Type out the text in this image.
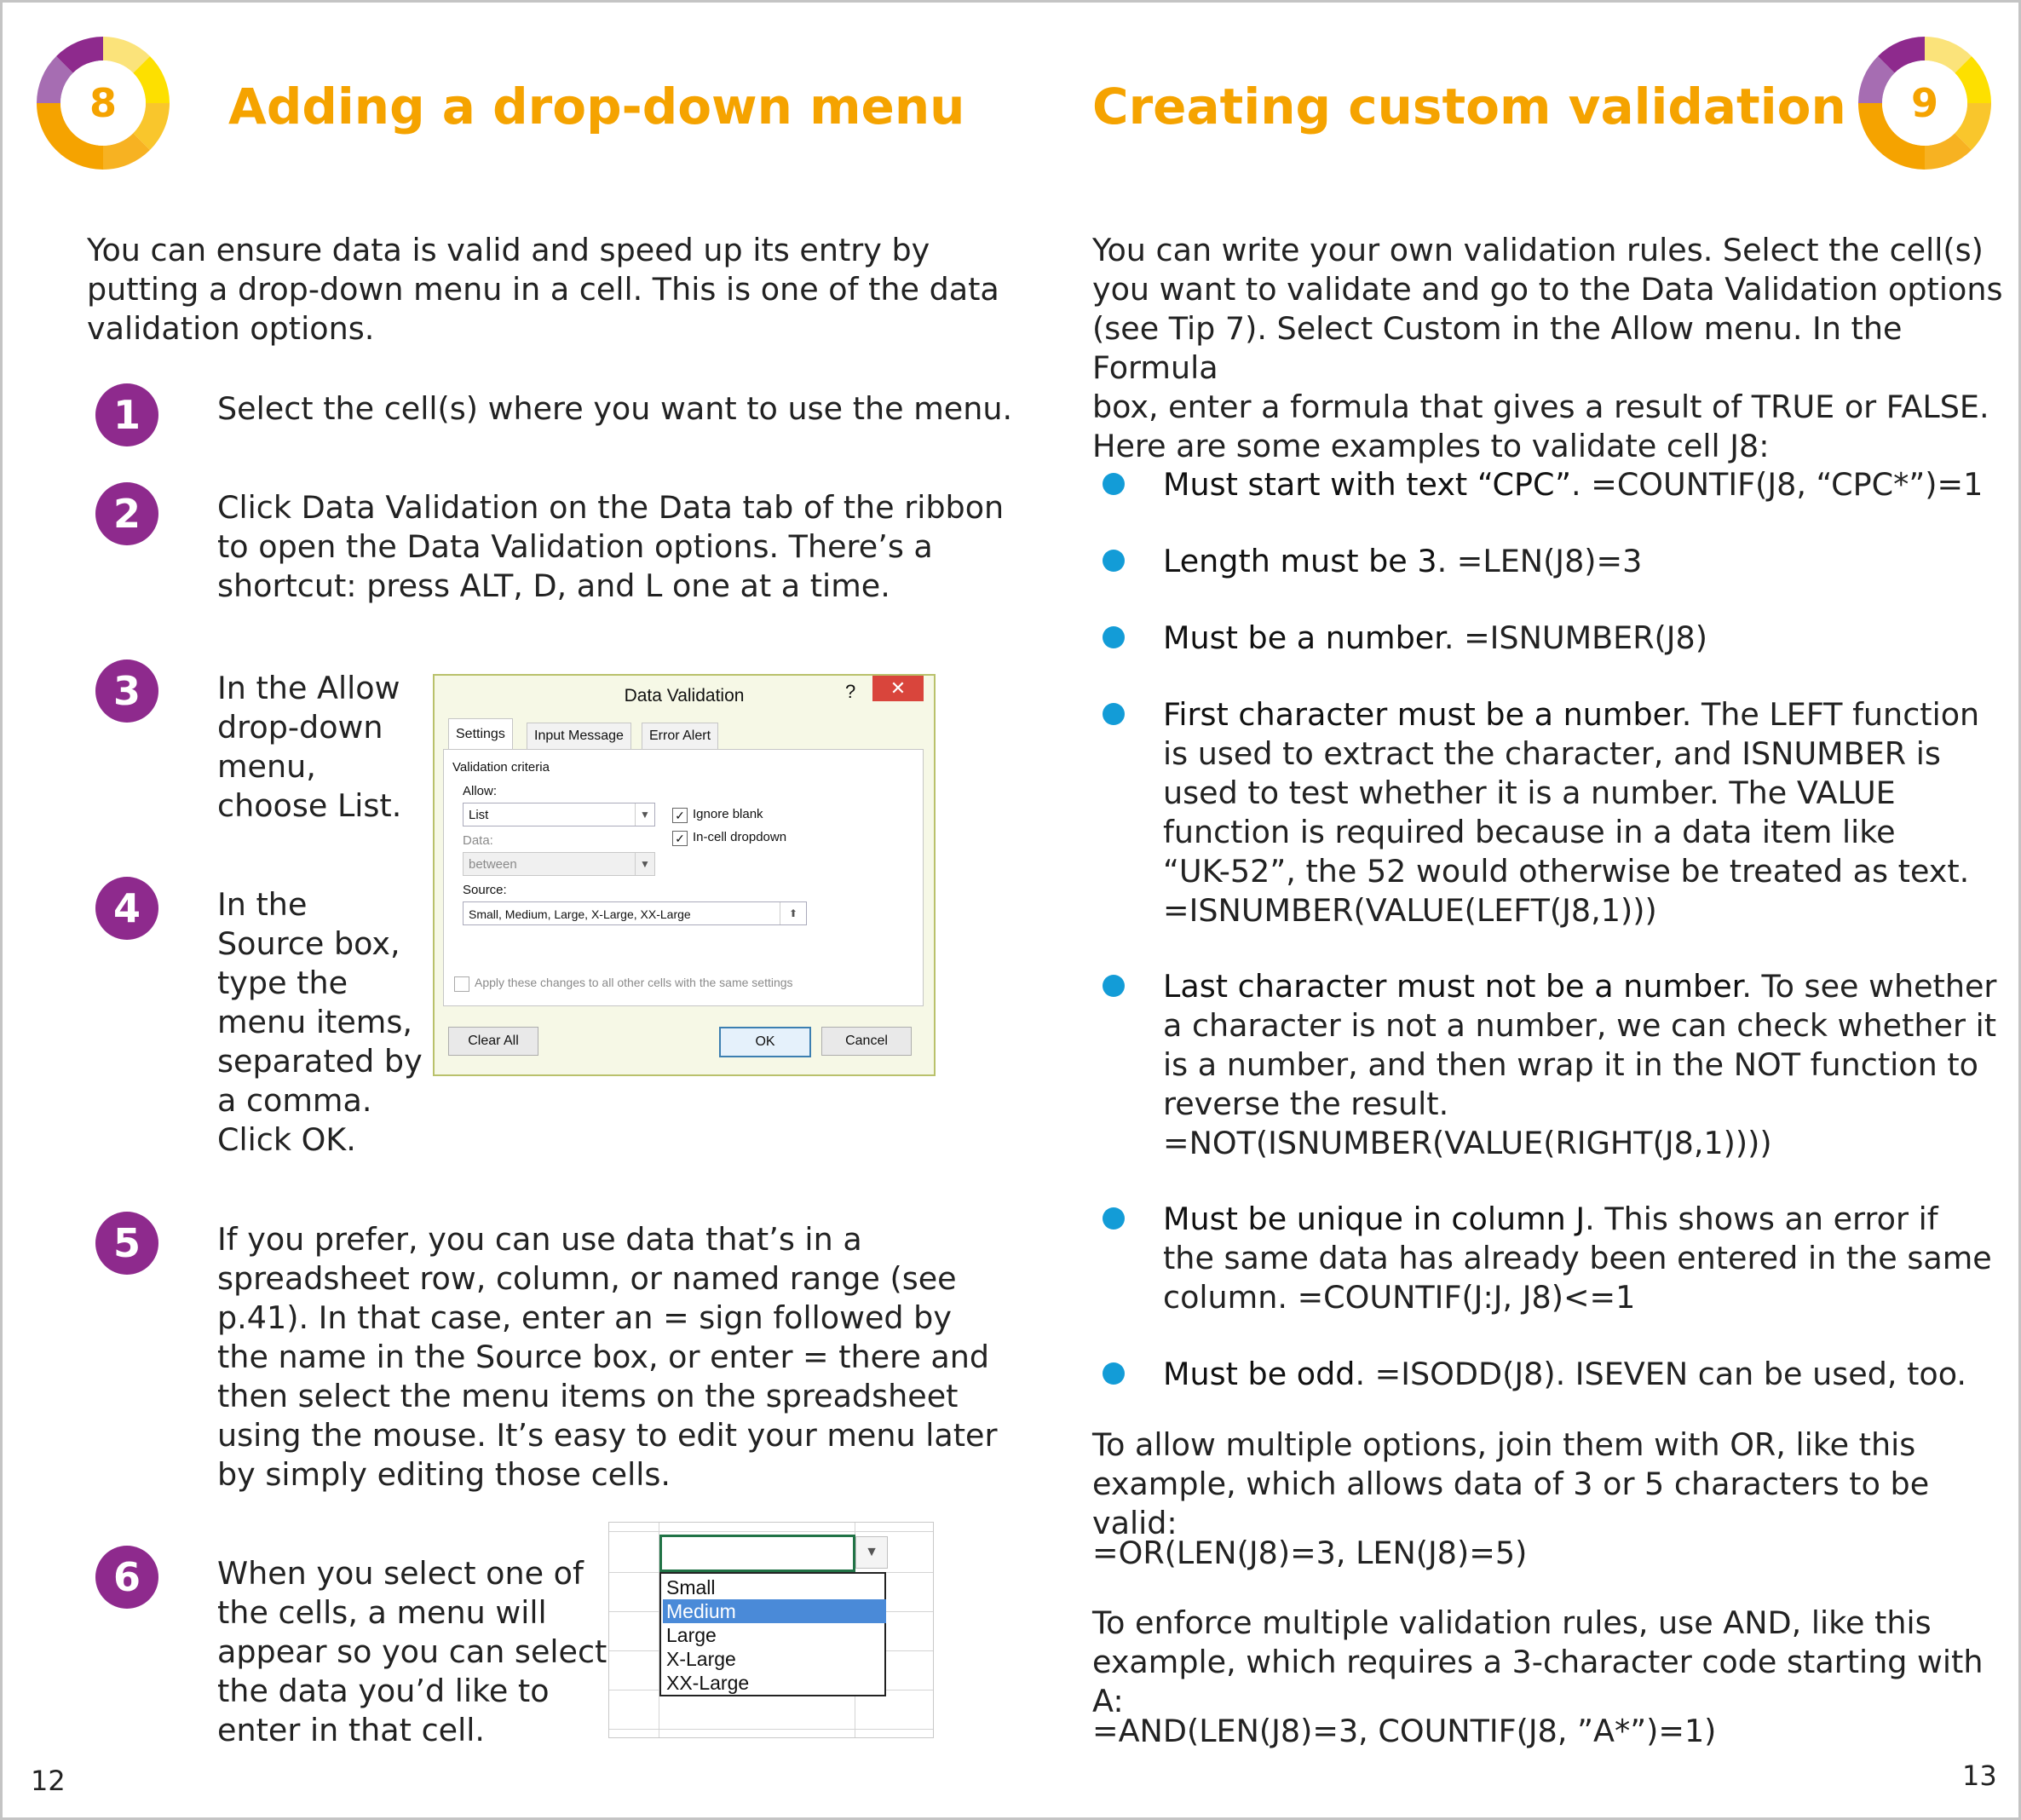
8 Adding a drop-down menu
You can ensure data is valid and speed up its entry by
putting a drop-down menu in a cell. This is one of the data
validation options.
1	Select the cell(s) where you want to use the menu.
2	Click Data Validation on the Data tab of the ribbon
to open the Data Validation options. There’s a
shortcut: press ALT, D, and L one at a time.
3	In the Allow
drop-down
menu,
choose List.
4	In the
Source box,
type the
menu items,
separated by
a comma.
Click OK.
5	If you prefer, you can use data that’s in a
spreadsheet row, column, or named range (see
p.41). In that case, enter an = sign followed by
the name in the Source box, or enter = there and
then select the menu items on the spreadsheet
using the mouse. It’s easy to edit your menu later
by simply editing those cells.
6	When you select one of
the cells, a menu will
appear so you can select
the data you’d like to
enter in that cell.
Data Validation	?	✕
Settings	Input Message	Error Alert
Validation criteria
Allow:
List	▼	✓ Ignore blank
✓ In-cell dropdown
Data:
between	▼
Source:
Small, Medium, Large, X-Large, XX-Large	⬆
Apply these changes to all other cells with the same settings
Clear All	OK	Cancel
▼
Small
Medium
Large
X-Large
XX-Large
12
Creating custom validation 9
You can write your own validation rules. Select the cell(s)
you want to validate and go to the Data Validation options
(see Tip 7). Select Custom in the Allow menu. In the Formula
box, enter a formula that gives a result of TRUE or FALSE.
Here are some examples to validate cell J8:
Must start with text “CPC”. =COUNTIF(J8, “CPC*”)=1
Length must be 3. =LEN(J8)=3
Must be a number. =ISNUMBER(J8)
First character must be a number. The LEFT function
is used to extract the character, and ISNUMBER is
used to test whether it is a number. The VALUE
function is required because in a data item like
“UK-52”, the 52 would otherwise be treated as text.
=ISNUMBER(VALUE(LEFT(J8,1)))
Last character must not be a number. To see whether
a character is not a number, we can check whether it
is a number, and then wrap it in the NOT function to
reverse the result.
=NOT(ISNUMBER(VALUE(RIGHT(J8,1))))
Must be unique in column J. This shows an error if
the same data has already been entered in the same
column. =COUNTIF(J:J, J8)<=1
Must be odd. =ISODD(J8). ISEVEN can be used, too.
To allow multiple options, join them with OR, like this
example, which allows data of 3 or 5 characters to be valid:
=OR(LEN(J8)=3, LEN(J8)=5)
To enforce multiple validation rules, use AND, like this
example, which requires a 3-character code starting with A:
=AND(LEN(J8)=3, COUNTIF(J8, ”A*”)=1)
13
